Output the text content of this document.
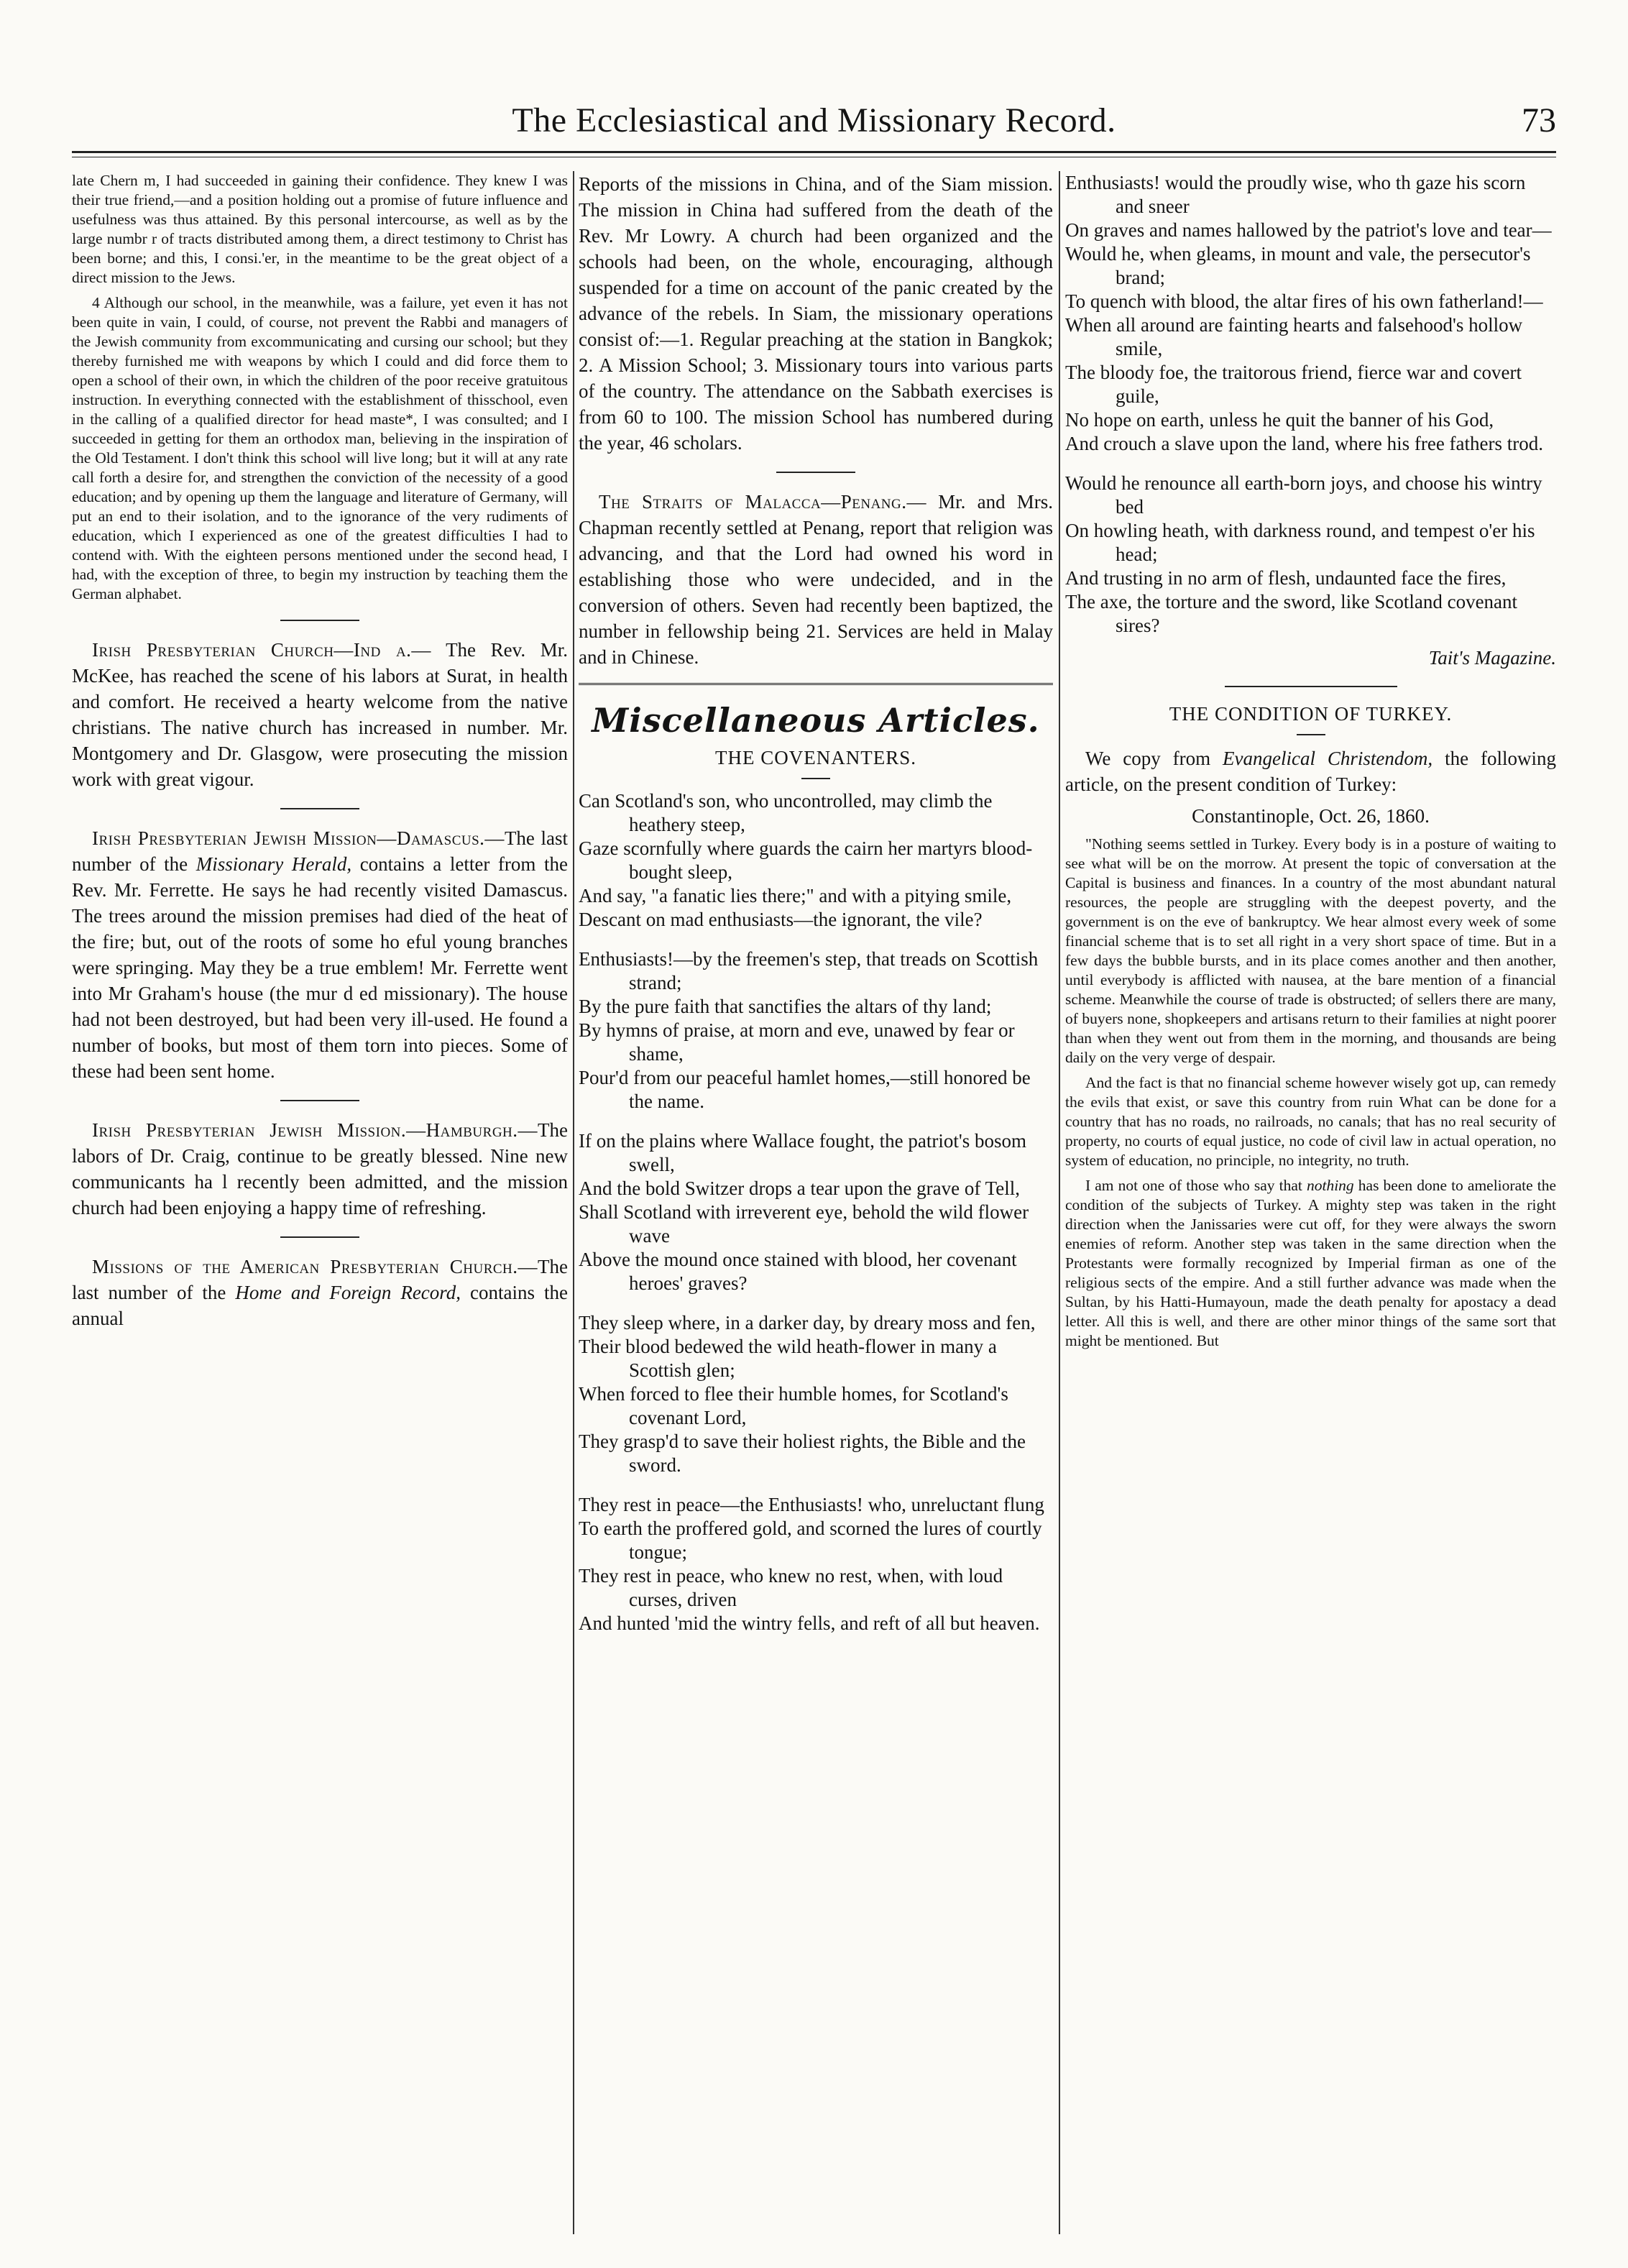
The Ecclesiastical and Missionary Record.	73

late Chern m, I had succeeded in gaining their confidence. They knew I was their true friend,—and a position holding out a promise of future influence and usefulness was thus attained. By this personal intercourse, as well as by the large numbr r of tracts distributed among them, a direct testimony to Christ has been borne; and this, I consi.'er, in the meantime to be the great object of a direct mission to the Jews.

4 Although our school, in the meanwhile, was a failure, yet even it has not been quite in vain, I could, of course, not prevent the Rabbi and managers of the Jewish community from excommunicating and cursing our school; but they thereby furnished me with weapons by which I could and did force them to open a school of their own, in which the children of the poor receive gratuitous instruction. In everything connected with the establishment of thisschool, even in the calling of a qualified director for head maste*, I was consulted; and I succeeded in getting for them an orthodox man, believing in the inspiration of the Old Testament. I don't think this school will live long; but it will at any rate call forth a desire for, and strengthen the conviction of the necessity of a good education; and by opening up them the language and literature of Germany, will put an end to their isolation, and to the ignorance of the very rudiments of education, which I experienced as one of the greatest difficulties I had to contend with. With the eighteen persons mentioned under the second head, I had, with the exception of three, to begin my instruction by teaching them the German alphabet.

Irish Presbyterian Church—Ind a.— The Rev. Mr. McKee, has reached the scene of his labors at Surat, in health and comfort. He received a hearty welcome from the native christians. The native church has increased in number. Mr. Montgomery and Dr. Glasgow, were prosecuting the mission work with great vigour.

Irish Presbyterian Jewish Mission—Damascus.—The last number of the Missionary Herald, contains a letter from the Rev. Mr. Ferrette. He says he had recently visited Damascus. The trees around the mission premises had died of the heat of the fire; but, out of the roots of some ho eful young branches were springing. May they be a true emblem! Mr. Ferrette went into Mr Graham's house (the mur d ed missionary). The house had not been destroyed, but had been very ill-used. He found a number of books, but most of them torn into pieces. Some of these had been sent home.

Irish Presbyterian Jewish Mission.—Hamburgh.—The labors of Dr. Craig, continue to be greatly blessed. Nine new communicants ha l recently been admitted, and the mission church had been enjoying a happy time of refreshing.

Missions of the American Presbyterian Church.—The last number of the Home and Foreign Record, contains the annual

Reports of the missions in China, and of the Siam mission. The mission in China had suffered from the death of the Rev. Mr Lowry. A church had been organized and the schools had been, on the whole, encouraging, although suspended for a time on account of the panic created by the advance of the rebels. In Siam, the missionary operations consist of:—1. Regular preaching at the station in Bangkok; 2. A Mission School; 3. Missionary tours into various parts of the country. The attendance on the Sabbath exercises is from 60 to 100. The mission School has numbered during the year, 46 scholars.

The Straits of Malacca—Penang.— Mr. and Mrs. Chapman recently settled at Penang, report that religion was advancing, and that the Lord had owned his word in establishing those who were undecided, and in the conversion of others. Seven had recently been baptized, the number in fellowship being 21. Services are held in Malay and in Chinese.

Miscellaneous Articles.
THE COVENANTERS.
Can Scotland's son, who uncontrolled, may climb the heathery steep,
Gaze scornfully where guards the cairn her martyrs blood-bought sleep,
And say, "a fanatic lies there;" and with a pitying smile,
Descant on mad enthusiasts—the ignorant, the vile?
Enthusiasts!—by the freemen's step, that treads on Scottish strand;
By the pure faith that sanctifies the altars of thy land;
By hymns of praise, at morn and eve, unawed by fear or shame,
Pour'd from our peaceful hamlet homes,—still honored be the name.
If on the plains where Wallace fought, the patriot's bosom swell,
And the bold Switzer drops a tear upon the grave of Tell,
Shall Scotland with irreverent eye, behold the wild flower wave
Above the mound once stained with blood, her covenant heroes' graves?
They sleep where, in a darker day, by dreary moss and fen,
Their blood bedewed the wild heath-flower in many a Scottish glen;
When forced to flee their humble homes, for Scotland's covenant Lord,
They grasp'd to save their holiest rights, the Bible and the sword.
They rest in peace—the Enthusiasts! who, unreluctant flung
To earth the proffered gold, and scorned the lures of courtly tongue;
They rest in peace, who knew no rest, when, with loud curses, driven
And hunted 'mid the wintry fells, and reft of all but heaven.
Enthusiasts! would the proudly wise, who th gaze his scorn and sneer
On graves and names hallowed by the patriot's love and tear—
Would he, when gleams, in mount and vale, the persecutor's brand;
To quench with blood, the altar fires of his own fatherland!—
When all around are fainting hearts and falsehood's hollow smile,
The bloody foe, the traitorous friend, fierce war and covert guile,
No hope on earth, unless he quit the banner of his God,
And crouch a slave upon the land, where his free fathers trod.
Would he renounce all earth-born joys, and choose his wintry bed
On howling heath, with darkness round, and tempest o'er his head;
And trusting in no arm of flesh, undaunted face the fires,
The axe, the torture and the sword, like Scotland covenant sires?
Tait's Magazine.
THE CONDITION OF TURKEY.

We copy from Evangelical Christendom, the following article, on the present condition of Turkey:

Constantinople, Oct. 26, 1860.

"Nothing seems settled in Turkey. Every body is in a posture of waiting to see what will be on the morrow. At present the topic of conversation at the Capital is business and finances. In a country of the most abundant natural resources, the people are struggling with the deepest poverty, and the government is on the eve of bankruptcy. We hear almost every week of some financial scheme that is to set all right in a very short space of time. But in a few days the bubble bursts, and in its place comes another and then another, until everybody is afflicted with nausea, at the bare mention of a financial scheme. Meanwhile the course of trade is obstructed; of sellers there are many, of buyers none, shopkeepers and artisans return to their families at night poorer than when they went out from them in the morning, and thousands are being daily on the very verge of despair.

And the fact is that no financial scheme however wisely got up, can remedy the evils that exist, or save this country from ruin What can be done for a country that has no roads, no railroads, no canals; that has no real security of property, no courts of equal justice, no code of civil law in actual operation, no system of education, no principle, no integrity, no truth.

I am not one of those who say that nothing has been done to ameliorate the condition of the subjects of Turkey. A mighty step was taken in the right direction when the Janissaries were cut off, for they were always the sworn enemies of reform. Another step was taken in the same direction when the Protestants were formally recognized by Imperial firman as one of the religious sects of the empire. And a still further advance was made when the Sultan, by his Hatti-Humayoun, made the death penalty for apostacy a dead letter. All this is well, and there are other minor things of the same sort that might be mentioned. But
